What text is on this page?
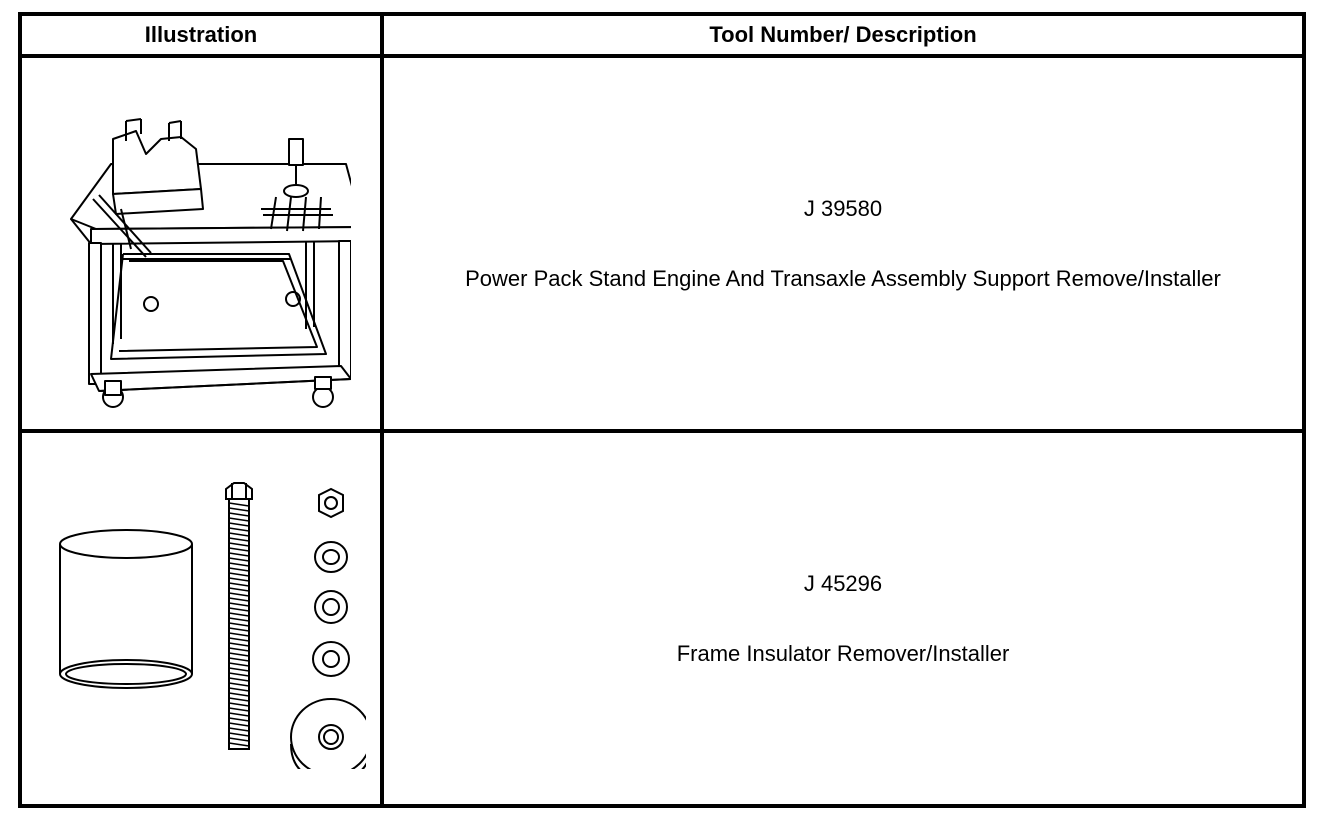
Illustration	Tool Number/ Description
J 39580
Power Pack Stand Engine And Transaxle Assembly Support Remove/Installer
J 45296
Frame Insulator Remover/Installer
